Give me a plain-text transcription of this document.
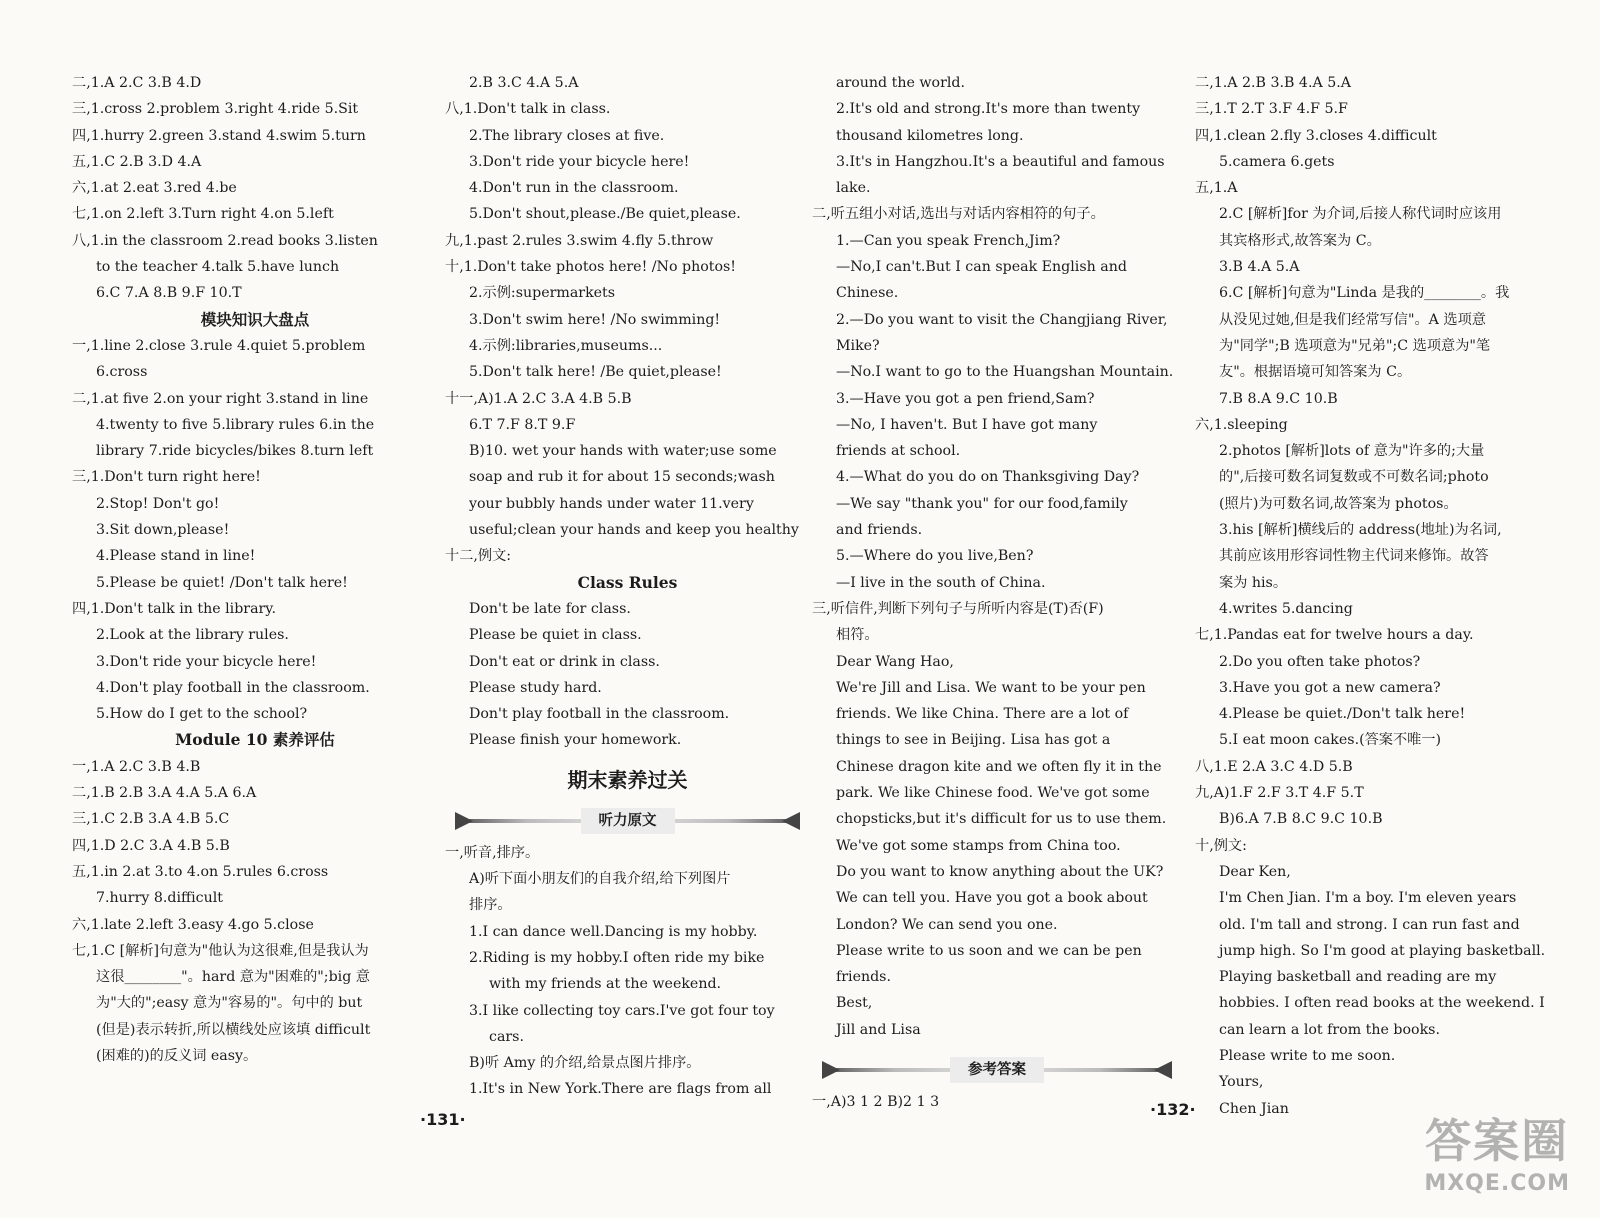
二,1.A 2.C 3.B 4.D
三,1.cross 2.problem 3.right 4.ride 5.Sit
四,1.hurry 2.green 3.stand 4.swim 5.turn
五,1.C 2.B 3.D 4.A
六,1.at 2.eat 3.red 4.be
七,1.on 2.left 3.Turn right 4.on 5.left
八,1.in the classroom 2.read books 3.listen
to the teacher 4.talk 5.have lunch
6.C 7.A 8.B 9.F 10.T
模块知识大盘点
一,1.line 2.close 3.rule 4.quiet 5.problem
6.cross
二,1.at five 2.on your right 3.stand in line
4.twenty to five 5.library rules 6.in the
library 7.ride bicycles/bikes 8.turn left
三,1.Don't turn right here!
2.Stop! Don't go!
3.Sit down,please!
4.Please stand in line!
5.Please be quiet! /Don't talk here!
四,1.Don't talk in the library.
2.Look at the library rules.
3.Don't ride your bicycle here!
4.Don't play football in the classroom.
5.How do I get to the school?
Module 10 素养评估
一,1.A 2.C 3.B 4.B
二,1.B 2.B 3.A 4.A 5.A 6.A
三,1.C 2.B 3.A 4.B 5.C
四,1.D 2.C 3.A 4.B 5.B
五,1.in 2.at 3.to 4.on 5.rules 6.cross
7.hurry 8.difficult
六,1.late 2.left 3.easy 4.go 5.close
七,1.C [解析]句意为"他认为这很难,但是我认为
这很________"。hard 意为"困难的";big 意
为"大的";easy 意为"容易的"。句中的 but
(但是)表示转折,所以横线处应该填 difficult
(困难的)的反义词 easy。
2.B 3.C 4.A 5.A
八,1.Don't talk in class.
2.The library closes at five.
3.Don't ride your bicycle here!
4.Don't run in the classroom.
5.Don't shout,please./Be quiet,please.
九,1.past 2.rules 3.swim 4.fly 5.throw
十,1.Don't take photos here! /No photos!
2.示例:supermarkets
3.Don't swim here! /No swimming!
4.示例:libraries,museums...
5.Don't talk here! /Be quiet,please!
十一,A)1.A 2.C 3.A 4.B 5.B
6.T 7.F 8.T 9.F
B)10. wet your hands with water;use some
soap and rub it for about 15 seconds;wash
your bubbly hands under water 11.very
useful;clean your hands and keep you healthy
十二,例文:
Class Rules
Don't be late for class.
Please be quiet in class.
Don't eat or drink in class.
Please study hard.
Don't play football in the classroom.
Please finish your homework.
期末素养过关
听力原文
一,听音,排序。
A)听下面小朋友们的自我介绍,给下列图片
排序。
1.I can dance well.Dancing is my hobby.
2.Riding is my hobby.I often ride my bike
with my friends at the weekend.
3.I like collecting toy cars.I've got four toy
cars.
B)听 Amy 的介绍,给景点图片排序。
1.It's in New York.There are flags from all
around the world.
2.It's old and strong.It's more than twenty
thousand kilometres long.
3.It's in Hangzhou.It's a beautiful and famous
lake.
二,听五组小对话,选出与对话内容相符的句子。
1.—Can you speak French,Jim?
—No,I can't.But I can speak English and
Chinese.
2.—Do you want to visit the Changjiang River,
Mike?
—No.I want to go to the Huangshan Mountain.
3.—Have you got a pen friend,Sam?
—No, I haven't. But I have got many
friends at school.
4.—What do you do on Thanksgiving Day?
—We say "thank you" for our food,family
and friends.
5.—Where do you live,Ben?
—I live in the south of China.
三,听信件,判断下列句子与所听内容是(T)否(F)
相符。
Dear Wang Hao,
We're Jill and Lisa. We want to be your pen
friends. We like China. There are a lot of
things to see in Beijing. Lisa has got a
Chinese dragon kite and we often fly it in the
park. We like Chinese food. We've got some
chopsticks,but it's difficult for us to use them.
We've got some stamps from China too.
Do you want to know anything about the UK?
We can tell you. Have you got a book about
London? We can send you one.
Please write to us soon and we can be pen
friends.
Best,
Jill and Lisa
参考答案
一,A)3 1 2 B)2 1 3
二,1.A 2.B 3.B 4.A 5.A
三,1.T 2.T 3.F 4.F 5.F
四,1.clean 2.fly 3.closes 4.difficult
5.camera 6.gets
五,1.A
2.C [解析]for 为介词,后接人称代词时应该用
其宾格形式,故答案为 C。
3.B 4.A 5.A
6.C [解析]句意为"Linda 是我的________。我
从没见过她,但是我们经常写信"。A 选项意
为"同学";B 选项意为"兄弟";C 选项意为"笔
友"。根据语境可知答案为 C。
7.B 8.A 9.C 10.B
六,1.sleeping
2.photos [解析]lots of 意为"许多的;大量
的",后接可数名词复数或不可数名词;photo
(照片)为可数名词,故答案为 photos。
3.his [解析]横线后的 address(地址)为名词,
其前应该用形容词性物主代词来修饰。故答
案为 his。
4.writes 5.dancing
七,1.Pandas eat for twelve hours a day.
2.Do you often take photos?
3.Have you got a new camera?
4.Please be quiet./Don't talk here!
5.I eat moon cakes.(答案不唯一)
八,1.E 2.A 3.C 4.D 5.B
九,A)1.F 2.F 3.T 4.F 5.T
B)6.A 7.B 8.C 9.C 10.B
十,例文:
Dear Ken,
I'm Chen Jian. I'm a boy. I'm eleven years
old. I'm tall and strong. I can run fast and
jump high. So I'm good at playing basketball.
Playing basketball and reading are my
hobbies. I often read books at the weekend. I
can learn a lot from the books.
Please write to me soon.
Yours,
Chen Jian
·131·
·132·
答案圈
MXQE.COM
